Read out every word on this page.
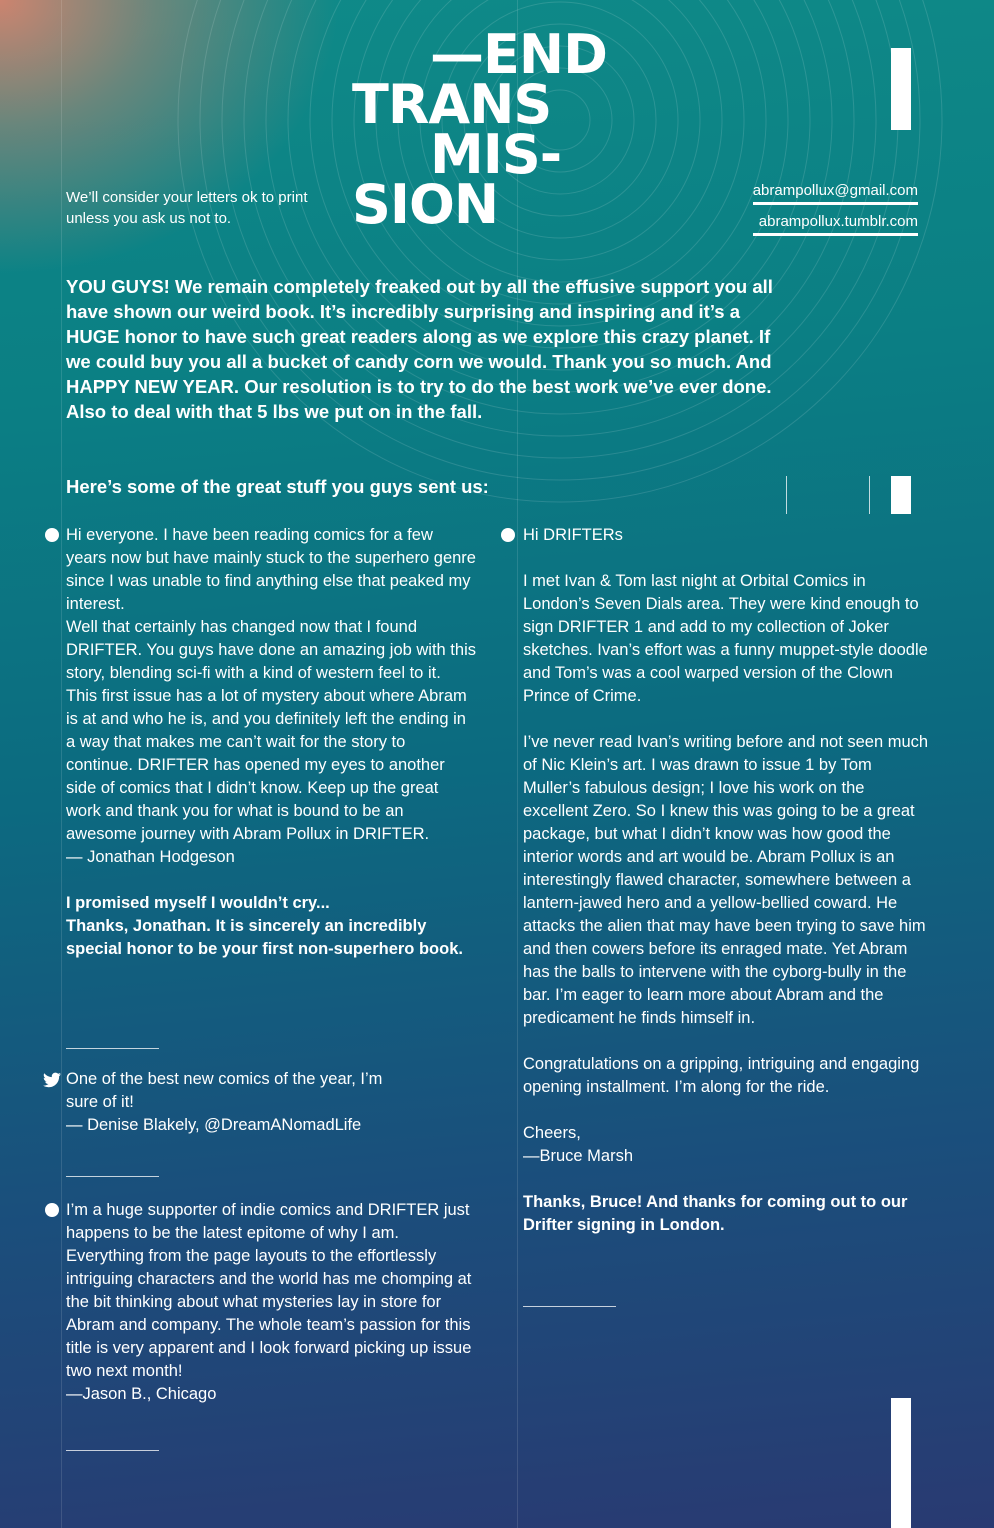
—END
TRANS
MIS-
SION

We’ll consider your letters ok to print
unless you ask us not to.

abrampollux@gmail.com
abrampollux.tumblr.com

YOU GUYS! We remain completely freaked out by all the effusive support you all have shown our weird book. It’s incredibly surprising and inspiring and it’s a HUGE honor to have such great readers along as we explore this crazy planet. If we could buy you all a bucket of candy corn we would. Thank you so much. And HAPPY NEW YEAR. Our resolution is to try to do the best work we’ve ever done. Also to deal with that 5 lbs we put on in the fall.

Here’s some of the great stuff you guys sent us:

Hi everyone. I have been reading comics for a few years now but have mainly stuck to the superhero genre since I was unable to find anything else that peaked my interest.

Well that certainly has changed now that I found DRIFTER. You guys have done an amazing job with this story, blending sci-fi with a kind of western feel to it. This first issue has a lot of mystery about where Abram is at and who he is, and you definitely left the ending in a way that makes me can’t wait for the story to continue. DRIFTER has opened my eyes to another side of comics that I didn’t know. Keep up the great work and thank you for what is bound to be an awesome journey with Abram Pollux in DRIFTER.

— Jonathan Hodgeson

I promised myself I wouldn’t cry...

Thanks, Jonathan. It is sincerely an incredibly special honor to be your first non-superhero book.

One of the best new comics of the year, I’m sure of it!

— Denise Blakely, @DreamANomadLife

I’m a huge supporter of indie comics and DRIFTER just happens to be the latest epitome of why I am. Everything from the page layouts to the effortlessly intriguing characters and the world has me chomping at the bit thinking about what mysteries lay in store for Abram and company. The whole team’s passion for this title is very apparent and I look forward picking up issue two next month!

—Jason B., Chicago

Hi DRIFTERs

I met Ivan & Tom last night at Orbital Comics in London’s Seven Dials area. They were kind enough to sign DRIFTER 1 and add to my collection of Joker sketches. Ivan’s effort was a funny muppet-style doodle and Tom’s was a cool warped version of the Clown Prince of Crime.

I’ve never read Ivan’s writing before and not seen much of Nic Klein’s art. I was drawn to issue 1 by Tom Muller’s fabulous design; I love his work on the excellent Zero. So I knew this was going to be a great package, but what I didn’t know was how good the interior words and art would be. Abram Pollux is an interestingly flawed character, somewhere between a lantern-jawed hero and a yellow-bellied coward. He attacks the alien that may have been trying to save him and then cowers before its enraged mate. Yet Abram has the balls to intervene with the cyborg-bully in the bar. I’m eager to learn more about Abram and the predicament he finds himself in.

Congratulations on a gripping, intriguing and engaging opening installment. I’m along for the ride.

Cheers,

—Bruce Marsh

Thanks, Bruce! And thanks for coming out to our Drifter signing in London.
